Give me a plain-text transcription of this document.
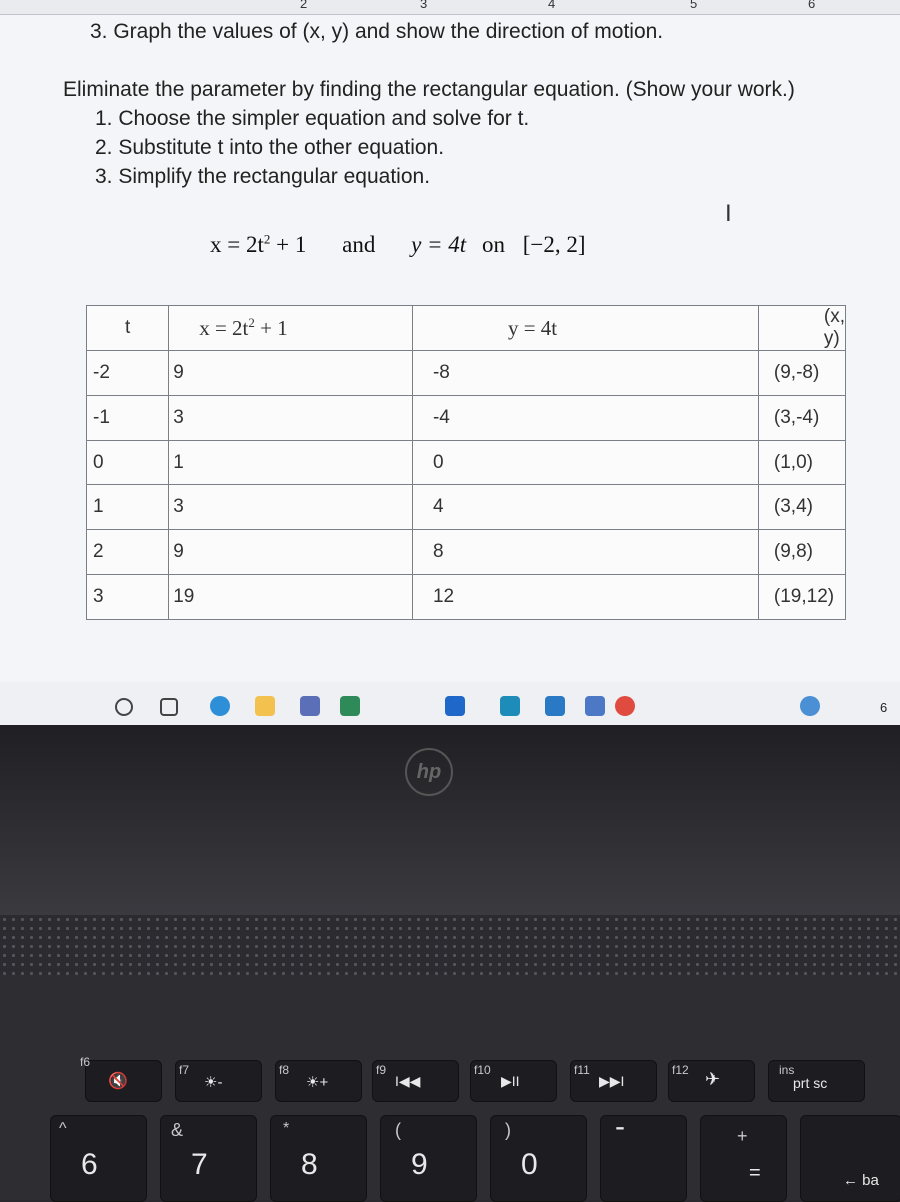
2	3	4	5	6
3. Graph the values of (x, y) and show the direction of motion.
Eliminate the parameter by finding the rectangular equation. (Show your work.)
1. Choose the simpler equation and solve for t.
2. Substitute t into the other equation.
3. Simplify the rectangular equation.
$x = 2t^2 + 1$ and y = 4t on [−2, 2]
I
t	$x = 2t^2 + 1$	y = 4t	(x, y)
-2	9	-8	(9,-8)
-1	3	-4	(3,-4)
0	1	0	(1,0)
1	3	4	(3,4)
2	9	8	(9,8)
3	19	12	(19,12)
6
hp
f6
🔇
f7
☀-
f8
☀+
f9
I◀◀
f10
▶II
f11
▶▶I
f12 ✈	ins
prt sc
^
6
&
7
*
8
(
9
)
0
-	+
=	← ba
